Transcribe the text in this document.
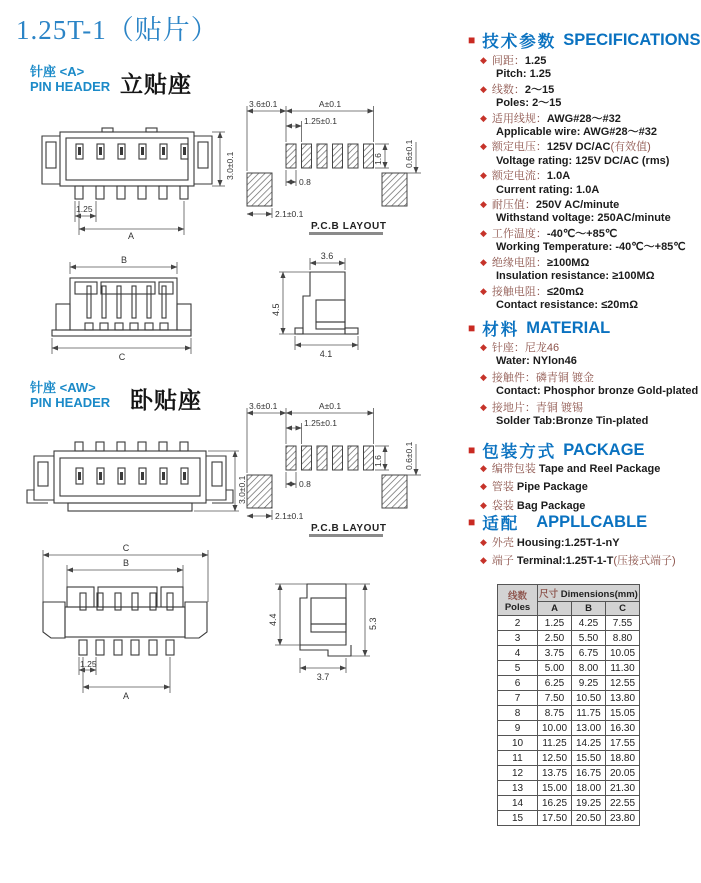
1.25T-1（贴片）
针座 <A>
PIN HEADER 立贴座
1.25
A
3.0±0.1
3.6±0.1	A±0.1
1.25±0.1
0.8
1.6 0.6±0.1
2.1±0.1
P.C.B LAYOUT
B
C
3.6
4.5
4.1
针座 <AW>
PIN HEADER 卧贴座
3.0±0.1
3.6±0.1	A±0.1
1.25±0.1
0.8
1.6 0.6±0.1
2.1±0.1
P.C.B LAYOUT
C
B
1.25
A
4.4	5.3
3.7
■ 技术参数 SPECIFICATIONS
◆ 间距：1.25
Pitch: 1.25
◆ 线数：2～15
Poles: 2～15
◆ 适用线规：AWG#28～#32
Applicable wire: AWG#28～#32
◆ 额定电压：125V DC/AC(有效值)
Voltage rating: 125V DC/AC (rms)
◆ 额定电流：1.0A
Current rating: 1.0A
◆ 耐压值：250V AC/minute
Withstand voltage: 250AC/minute
◆ 工作温度：-40℃～+85℃
Working Temperature: -40℃～+85℃
◆ 绝缘电阻：≥100MΩ
Insulation resistance: ≥100MΩ
◆ 接触电阻：≤20mΩ
Contact resistance: ≤20mΩ
■ 材料 MATERIAL
◆ 针座：尼龙46
Water: NYlon46
◆ 接触件：磷青铜 镀金
Contact: Phosphor bronze Gold-plated
◆ 接地片：青铜 镀锡
Solder Tab:Bronze Tin-plated
■ 包装方式 PACKAGE
◆ 编带包装 Tape and Reel Package
◆ 管装 Pipe Package
◆ 袋装 Bag Package
■ 适配 APPLLCABLE
◆ 外壳 Housing:1.25T-1-nY
◆ 端子 Terminal:1.25T-1-T(压接式端子)
线数
Poles	尺寸 Dimensions(mm)		
	A	B	C
2	1.25	4.25	7.55
3	2.50	5.50	8.80
4	3.75	6.75	10.05
5	5.00	8.00	11.30
6	6.25	9.25	12.55
7	7.50	10.50	13.80
8	8.75	11.75	15.05
9	10.00	13.00	16.30
10	11.25	14.25	17.55
11	12.50	15.50	18.80
12	13.75	16.75	20.05
13	15.00	18.00	21.30
14	16.25	19.25	22.55
15	17.50	20.50	23.80
